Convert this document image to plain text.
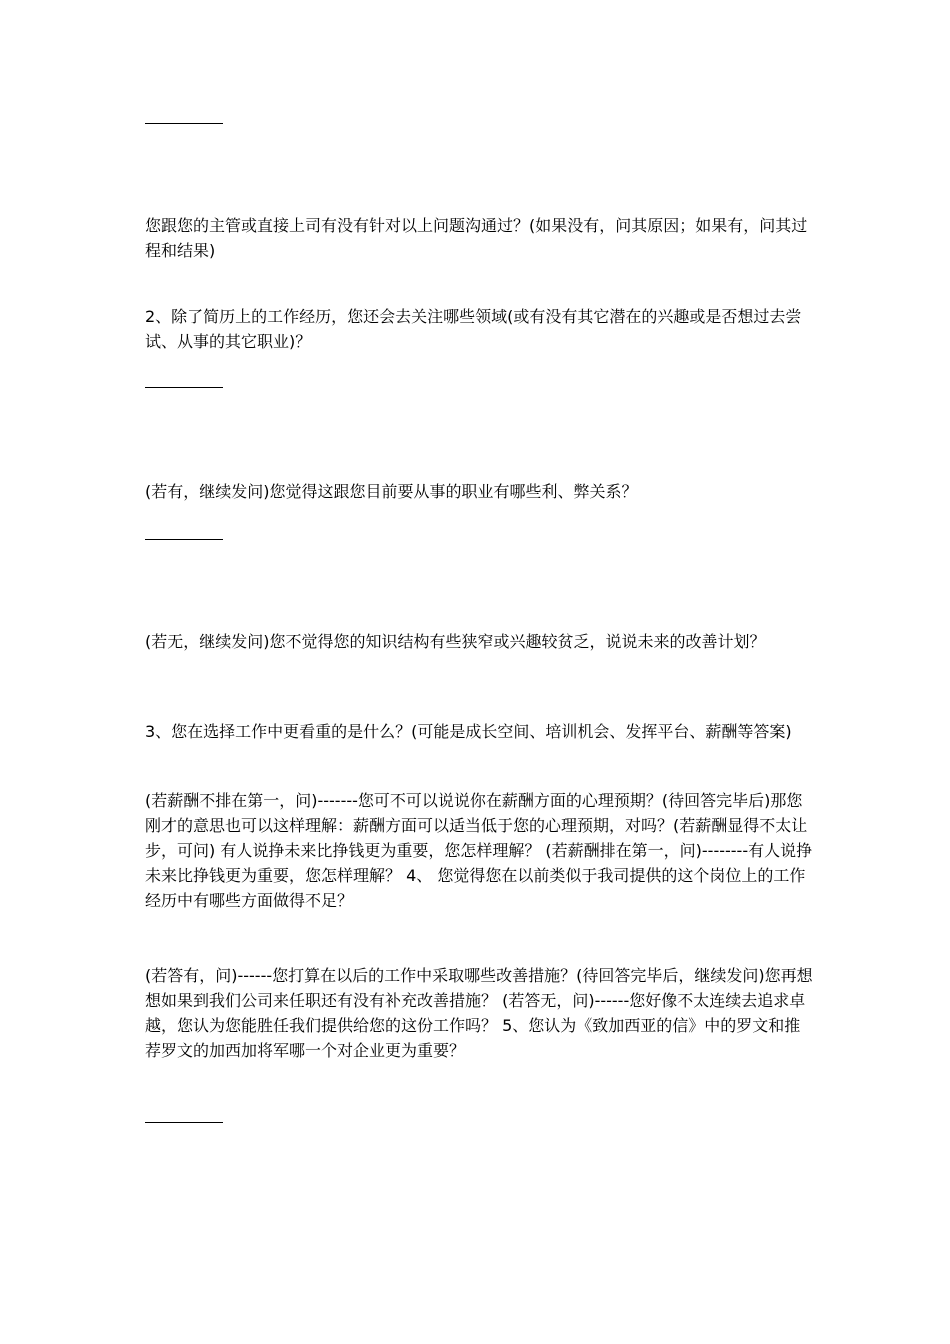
您跟您的主管或直接上司有没有针对以上问题沟通过？(如果没有，问其原因；如果有，问其过程和结果)

2、除了简历上的工作经历，您还会去关注哪些领域(或有没有其它潜在的兴趣或是否想过去尝试、从事的其它职业)？

(若有，继续发问)您觉得这跟您目前要从事的职业有哪些利、弊关系？

(若无，继续发问)您不觉得您的知识结构有些狭窄或兴趣较贫乏，说说未来的改善计划？

3、您在选择工作中更看重的是什么？(可能是成长空间、培训机会、发挥平台、薪酬等答案)

(若薪酬不排在第一，问)-------您可不可以说说你在薪酬方面的心理预期？(待回答完毕后)那您刚才的意思也可以这样理解：薪酬方面可以适当低于您的心理预期，对吗？(若薪酬显得不太让步，可问) 有人说挣未来比挣钱更为重要，您怎样理解？ (若薪酬排在第一，问)--------有人说挣未来比挣钱更为重要，您怎样理解？ 4、 您觉得您在以前类似于我司提供的这个岗位上的工作经历中有哪些方面做得不足？

(若答有，问)------您打算在以后的工作中采取哪些改善措施？(待回答完毕后，继续发问)您再想想如果到我们公司来任职还有没有补充改善措施？ (若答无，问)------您好像不太连续去追求卓越，您认为您能胜任我们提供给您的这份工作吗？ 5、您认为《致加西亚的信》中的罗文和推荐罗文的加西加将军哪一个对企业更为重要？
